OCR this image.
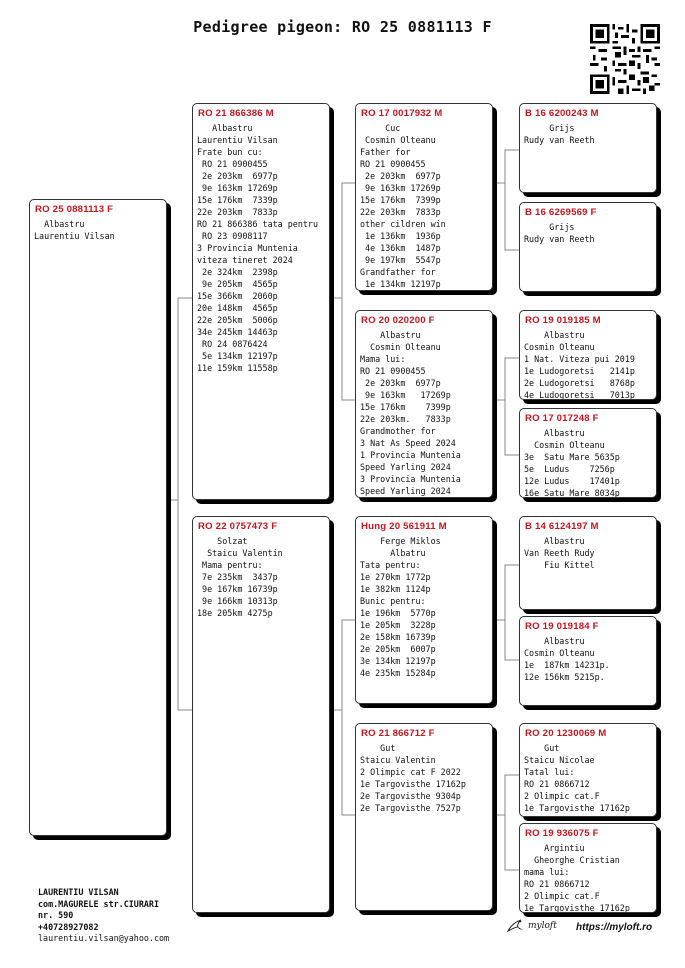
Pedigree pigeon: RO 25 0881113 F
RO 25 0881113 F
Albastru
Laurentiu Vilsan
RO 21 866386 M
Albastru
Laurentiu Vilsan
Frate bun cu:
RO 21 0900455
2e 203km  6977p
9e 163km 17269p
15e 176km  7339p
22e 203km  7833p
RO 21 866386 tata pentru
RO 23 0908117
3 Provincia Muntenia
viteza tineret 2024
2e 324km  2398p
9e 205km  4565p
15e 366km  2060p
20e 148km  4565p
22e 205km  5006p
34e 245km 14463p
RO 24 0876424
5e 134km 12197p
11e 159km 11558p
RO 22 0757473 F
Solzat
Staicu Valentin
Mama pentru:
7e 235km  3437p
9e 167km 16739p
9e 166km 10313p
18e 205km 4275p
RO 17 0017932 M
Cuc
Cosmin Olteanu
Father for
RO 21 0900455
2e 203km  6977p
9e 163km 17269p
15e 176km  7399p
22e 203km  7833p
other cildren win
1e 136km  1936p
4e 136km  1487p
9e 197km  5547p
Grandfather for
1e 134km 12197p
RO 20 020200 F
Albastru
Cosmin Olteanu
Mama lui:
RO 21 0900455
2e 203km  6977p
9e 163km   17269p
15e 176km    7399p
22e 203km.   7833p
Grandmother for
3 Nat As Speed 2024
1 Provincia Muntenia
Speed Yarling 2024
3 Provincia Muntenia
Speed Yarling 2024
Hung 20 561911 M
Ferge Miklos
Albatru
Tata pentru:
1e 270km 1772p
1e 382km 1124p
Bunic pentru:
1e 196km  5770p
1e 205km  3228p
2e 158km 16739p
2e 205km  6007p
3e 134km 12197p
4e 235km 15284p
RO 21 866712 F
Gut
Staicu Valentin
2 Olimpic cat F 2022
1e Targovisthe 17162p
2e Targovisthe 9304p
2e Targovisthe 7527p
B 16 6200243 M
Grijs
Rudy van Reeth
B 16 6269569 F
Grijs
Rudy van Reeth
RO 19 019185 M
Albastru
Cosmin Olteanu
1 Nat. Viteza pui 2019
1e Ludogoretsi   2141p
2e Ludogoretsi   8768p
4e Ludogoretsi   7013p
RO 17 017248 F
Albastru
Cosmin Olteanu
3e  Satu Mare 5635p
5e  Ludus    7256p
12e Ludus    17401p
16e Satu Mare 8034p
B 14 6124197 M
Albastru
Van Reeth Rudy
Fiu Kittel
RO 19 019184 F
Albastru
Cosmin Olteanu
1e  187km 14231p.
12e 156km 5215p.
RO 20 1230069 M
Gut
Staicu Nicolae
Tatal lui:
RO 21 0866712
2 Olimpic cat.F
1e Targovisthe 17162p
RO 19 936075 F
Argintiu
Gheorghe Cristian
mama lui:
RO 21 0866712
2 Olimpic cat.F
1e Targovisthe 17162p
LAURENTIU VILSAN
com.MAGURELE str.CIURARI
nr. 590
+40728927082
laurentiu.vilsan@yahoo.com
myloft https://myloft.ro
